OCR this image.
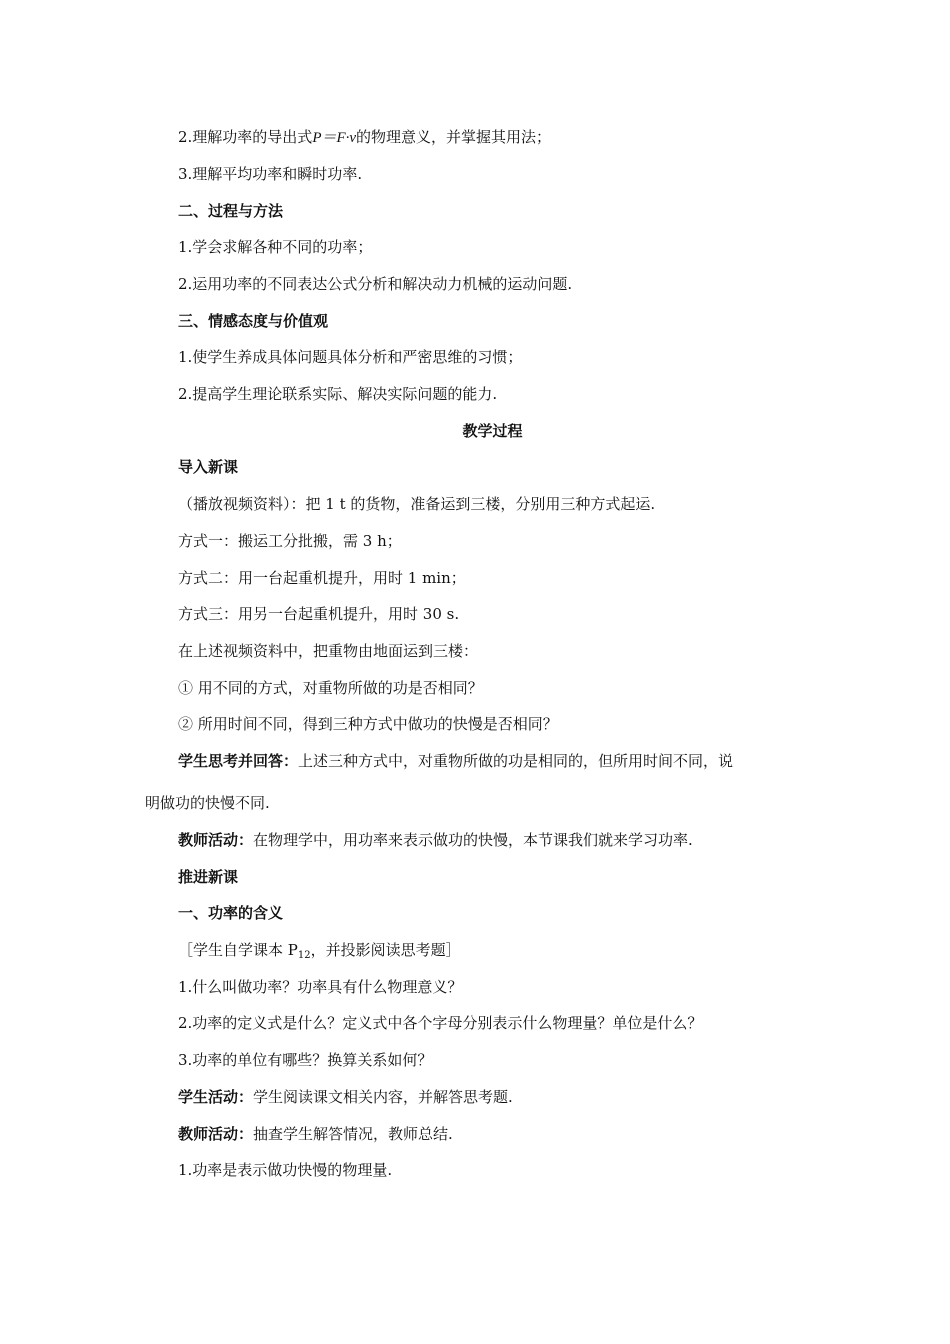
2.理解功率的导出式P＝F·v的物理意义，并掌握其用法；
3.理解平均功率和瞬时功率.
二、过程与方法
1.学会求解各种不同的功率；
2.运用功率的不同表达公式分析和解决动力机械的运动问题.
三、情感态度与价值观
1.使学生养成具体问题具体分析和严密思维的习惯；
2.提高学生理论联系实际、解决实际问题的能力.
教学过程
导入新课
（播放视频资料）：把 1 t 的货物，准备运到三楼，分别用三种方式起运.
方式一：搬运工分批搬，需 3 h；
方式二：用一台起重机提升，用时 1 min；
方式三：用另一台起重机提升，用时 30 s.
在上述视频资料中，把重物由地面运到三楼：
① 用不同的方式，对重物所做的功是否相同？
② 所用时间不同，得到三种方式中做功的快慢是否相同？
学生思考并回答：上述三种方式中，对重物所做的功是相同的，但所用时间不同，说
明做功的快慢不同.
教师活动：在物理学中，用功率来表示做功的快慢，本节课我们就来学习功率.
推进新课
一、功率的含义
［学生自学课本 $P_{12}$，并投影阅读思考题］
1.什么叫做功率？功率具有什么物理意义？
2.功率的定义式是什么？定义式中各个字母分别表示什么物理量？单位是什么？
3.功率的单位有哪些？换算关系如何？
学生活动：学生阅读课文相关内容，并解答思考题.
教师活动：抽查学生解答情况，教师总结.
1.功率是表示做功快慢的物理量.
